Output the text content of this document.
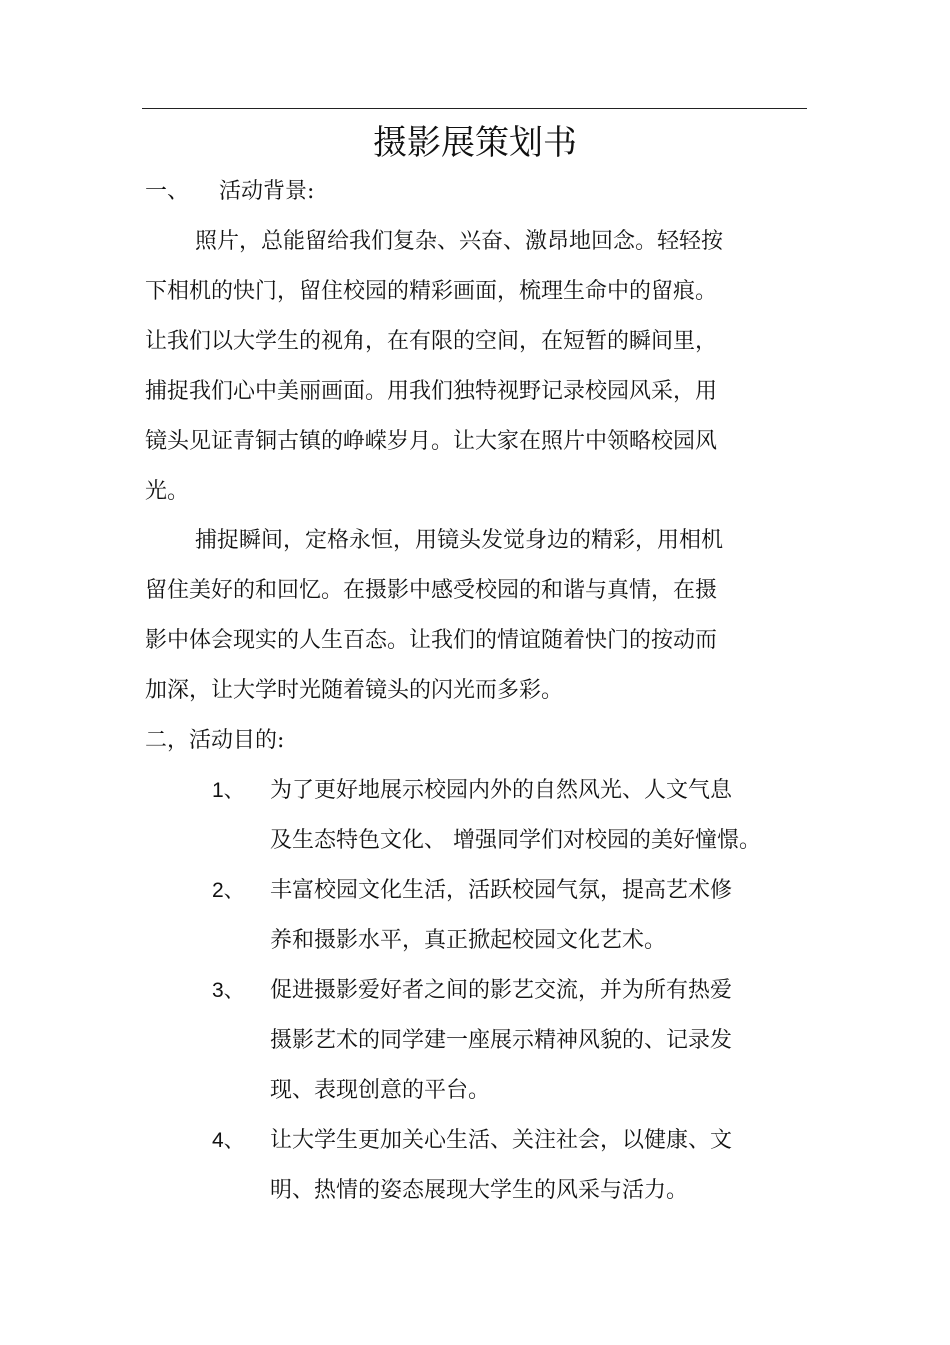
摄影展策划书
一、 活动背景:
照片，总能留给我们复杂、兴奋、激昂地回念。轻轻按
下相机的快门，留住校园的精彩画面，梳理生命中的留痕。
让我们以大学生的视角，在有限的空间，在短暂的瞬间里，
捕捉我们心中美丽画面。用我们独特视野记录校园风采，用
镜头见证青铜古镇的峥嵘岁月。让大家在照片中领略校园风
光。
捕捉瞬间，定格永恒，用镜头发觉身边的精彩，用相机
留住美好的和回忆。在摄影中感受校园的和谐与真情，在摄
影中体会现实的人生百态。让我们的情谊随着快门的按动而
加深，让大学时光随着镜头的闪光而多彩。
二，活动目的:
1、 为了更好地展示校园内外的自然风光、人文气息
及生态特色文化、 增强同学们对校园的美好憧憬。
2、 丰富校园文化生活，活跃校园气氛，提高艺术修
养和摄影水平，真正掀起校园文化艺术。
3、 促进摄影爱好者之间的影艺交流，并为所有热爱
摄影艺术的同学建一座展示精神风貌的、记录发
现、表现创意的平台。
4、 让大学生更加关心生活、关注社会，以健康、文
明、热情的姿态展现大学生的风采与活力。
